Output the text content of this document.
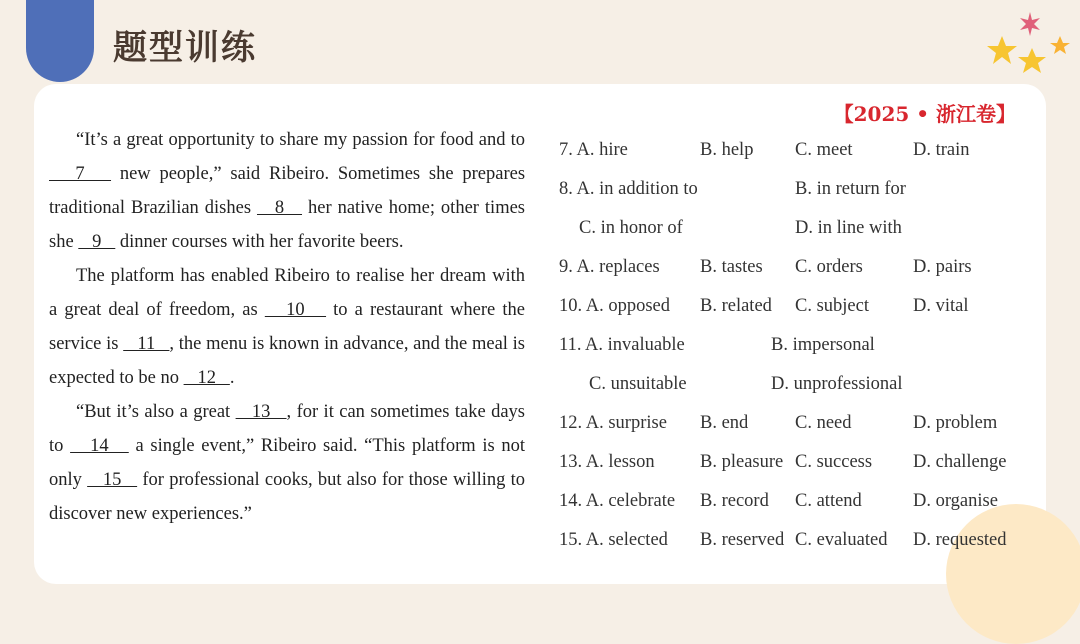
题型训练
【2025 • 浙江卷】

“It’s a great opportunity to share my passion for food and to    7    new people,” said Ribeiro. Sometimes she prepares traditional Brazilian dishes    8    her native home; other times she    9    dinner courses with her favorite beers.

The platform has enabled Ribeiro to realise her dream with a great deal of freedom, as    10    to a restaurant where the service is    11   , the menu is known in advance, and the meal is expected to be no    12   .

“But it’s also a great    13   , for it can sometimes take days to    14    a single event,” Ribeiro said. “This platform is not only    15    for professional cooks, but also for those willing to discover new experiences.”

7. A. hire	B. help C. meet	D. train
8. A. in addition to	B. in return for
C. in honor of	D. in line with
9. A. replaces B. tastes C. orders	D. pairs
10. A. opposed B. related C. subject D. vital
11. A. invaluable	B. impersonal
C. unsuitable	D. unprofessional
12. A. surprise B. end	C. need	D. problem
13. A. lesson B. pleasure C. success D. challenge
14. A. celebrate B. record C. attend	D. organise
15. A. selected B. reserved C. evaluated D. requested
